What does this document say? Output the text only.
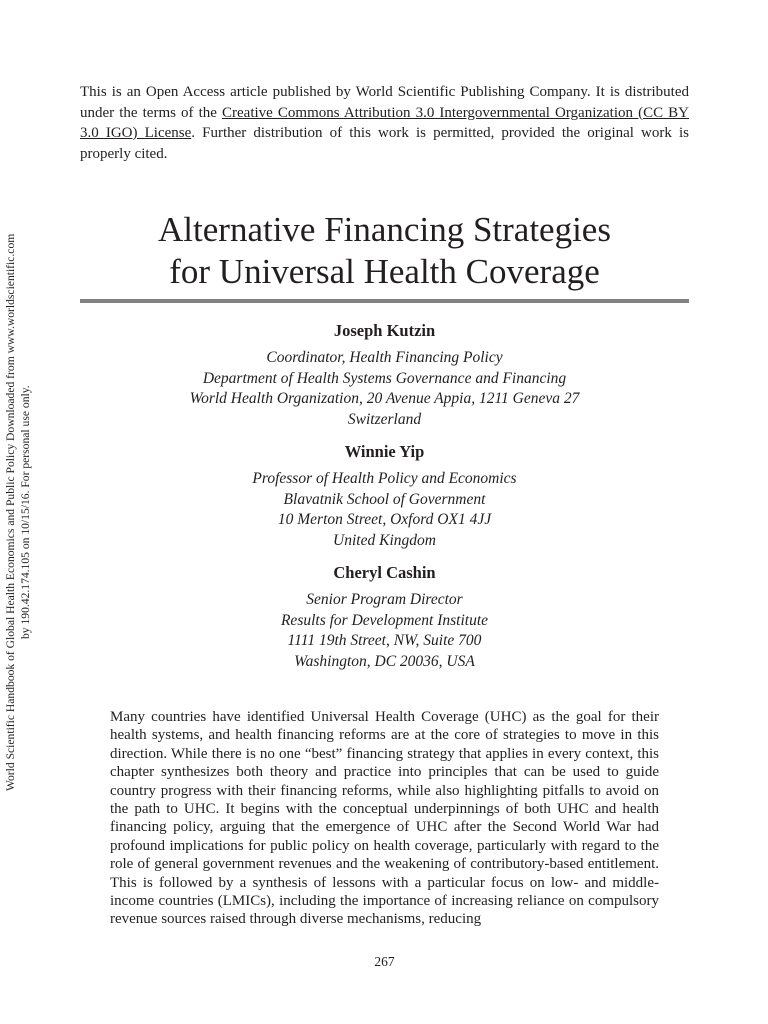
World Scientific Handbook of Global Health Economics and Public Policy Downloaded from www.worldscientific.com by 190.42.174.105 on 10/15/16. For personal use only.

This is an Open Access article published by World Scientific Publishing Company. It is distributed under the terms of the Creative Commons Attribution 3.0 Intergovernmental Organization (CC BY 3.0 IGO) License. Further distribution of this work is permitted, provided the original work is properly cited.

Alternative Financing Strategies
for Universal Health Coverage

Joseph Kutzin

Coordinator, Health Financing Policy
Department of Health Systems Governance and Financing
World Health Organization, 20 Avenue Appia, 1211 Geneva 27
Switzerland

Winnie Yip

Professor of Health Policy and Economics
Blavatnik School of Government
10 Merton Street, Oxford OX1 4JJ
United Kingdom

Cheryl Cashin

Senior Program Director
Results for Development Institute
1111 19th Street, NW, Suite 700
Washington, DC 20036, USA

Many countries have identified Universal Health Coverage (UHC) as the goal for their health systems, and health financing reforms are at the core of strategies to move in this direction. While there is no one “best” financing strategy that applies in every context, this chapter synthesizes both theory and practice into principles that can be used to guide country progress with their financing reforms, while also highlighting pitfalls to avoid on the path to UHC. It begins with the conceptual underpinnings of both UHC and health financing policy, arguing that the emergence of UHC after the Second World War had profound implications for public policy on health coverage, particularly with regard to the role of general government revenues and the weakening of contributory-based entitlement. This is followed by a synthesis of lessons with a particular focus on low- and middle-income countries (LMICs), including the importance of increasing reliance on compulsory revenue sources raised through diverse mechanisms, reducing

267
